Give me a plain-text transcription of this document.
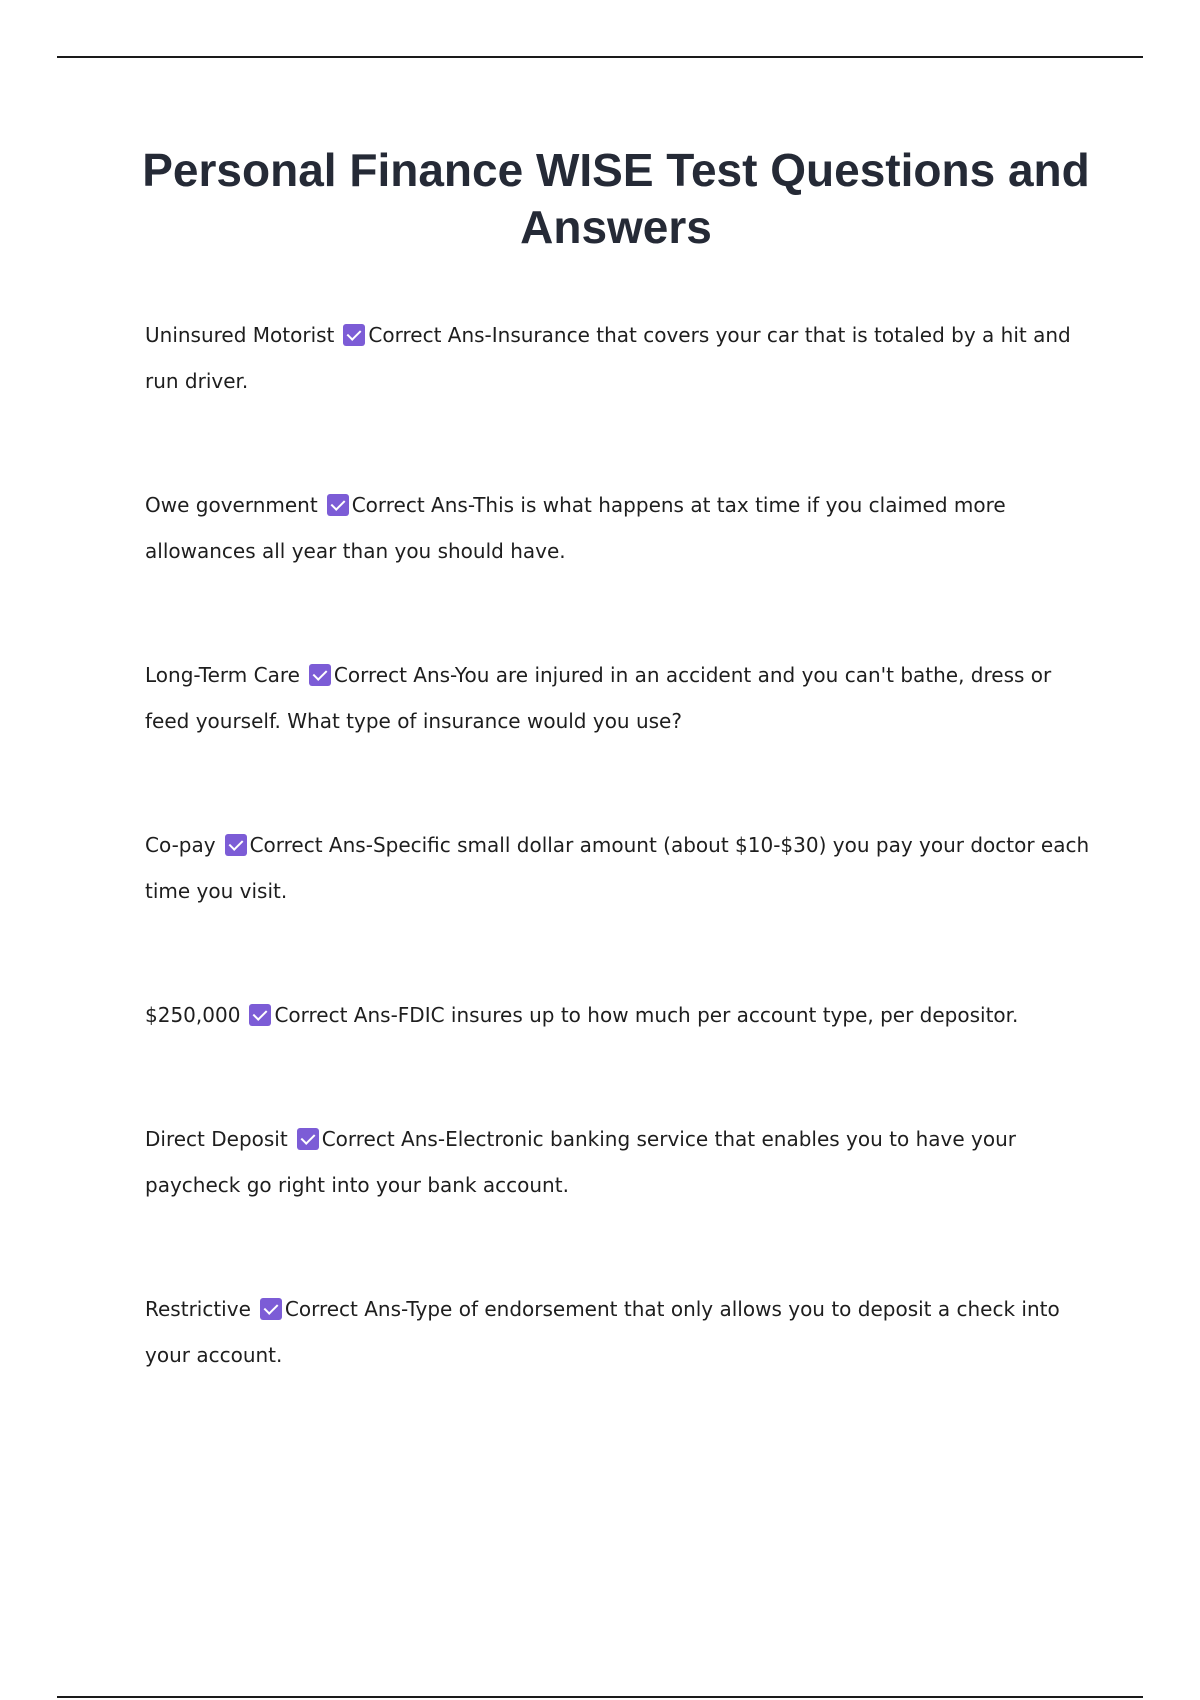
Personal Finance WISE Test Questions and Answers

Uninsured Motorist Correct Ans-Insurance that covers your car that is totaled by a hit and run driver.

Owe government Correct Ans-This is what happens at tax time if you claimed more allowances all year than you should have.

Long-Term Care Correct Ans-You are injured in an accident and you can't bathe, dress or feed yourself. What type of insurance would you use?

Co-pay Correct Ans-Specific small dollar amount (about $10-$30) you pay your doctor each time you visit.

$250,000 Correct Ans-FDIC insures up to how much per account type, per depositor.

Direct Deposit Correct Ans-Electronic banking service that enables you to have your paycheck go right into your bank account.

Restrictive Correct Ans-Type of endorsement that only allows you to deposit a check into your account.
